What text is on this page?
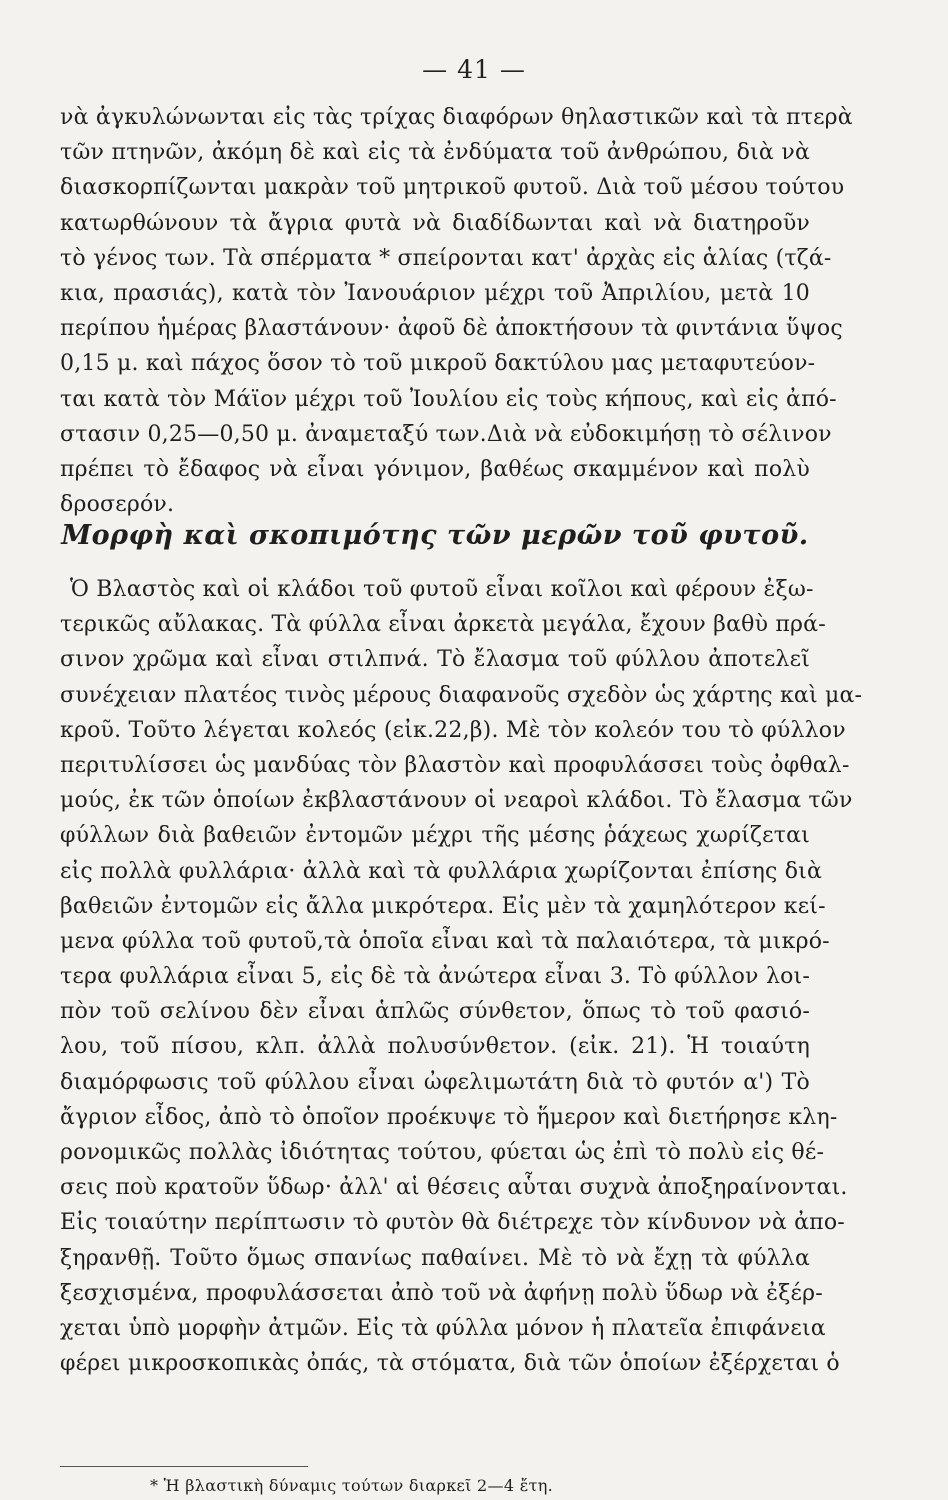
— 41 —
νὰ ἀγκυλώνωνται εἰς τὰς τρίχας διαφόρων θηλαστικῶν καὶ τὰ πτερὰ
τῶν πτηνῶν, ἀκόμη δὲ καὶ εἰς τὰ ἐνδύματα τοῦ ἀνθρώπου, διὰ νὰ
διασκορπίζωνται μακρὰν τοῦ μητρικοῦ φυτοῦ. Διὰ τοῦ μέσου τούτου
κατωρθώνουν τὰ ἄγρια φυτὰ νὰ διαδίδωνται καὶ νὰ διατηροῦν
τὸ γένος των. Τὰ σπέρματα * σπείρονται κατ' ἀρχὰς εἰς ἁλίας (τζά-
κια, πρασιάς), κατὰ τὸν Ἰανουάριον μέχρι τοῦ Ἀπριλίου, μετὰ 10
περίπου ἡμέρας βλαστάνουν· ἀφοῦ δὲ ἀποκτήσουν τὰ φιντάνια ὕψος
0,15 μ. καὶ πάχος ὅσον τὸ τοῦ μικροῦ δακτύλου μας μεταφυτεύον-
ται κατὰ τὸν Μάϊον μέχρι τοῦ Ἰουλίου εἰς τοὺς κήπους, καὶ εἰς ἀπό-
στασιν 0,25—0,50 μ. ἀναμεταξύ των.Διὰ νὰ εὐδοκιμήσῃ τὸ σέλινον
πρέπει τὸ ἔδαφος νὰ εἶναι γόνιμον, βαθέως σκαμμένον καὶ πολὺ
δροσερόν.
Μορφὴ καὶ σκοπιμότης τῶν μερῶν τοῦ φυτοῦ.
Ὁ Βλαστὸς καὶ οἱ κλάδοι τοῦ φυτοῦ εἶναι κοῖλοι καὶ φέρουν ἐξω-
τερικῶς αὔλακας. Τὰ φύλλα εἶναι ἀρκετὰ μεγάλα, ἔχουν βαθὺ πρά-
σινον χρῶμα καὶ εἶναι στιλπνά. Τὸ ἔλασμα τοῦ φύλλου ἀποτελεῖ
συνέχειαν πλατέος τινὸς μέρους διαφανοῦς σχεδὸν ὡς χάρτης καὶ μα-
κροῦ. Τοῦτο λέγεται κολεός (εἰκ.22,β). Μὲ τὸν κολεόν του τὸ φύλλον
περιτυλίσσει ὡς μανδύας τὸν βλαστὸν καὶ προφυλάσσει τοὺς ὀφθαλ-
μούς, ἐκ τῶν ὁποίων ἐκβλαστάνουν οἱ νεαροὶ κλάδοι. Τὸ ἔλασμα τῶν
φύλλων διὰ βαθειῶν ἐντομῶν μέχρι τῆς μέσης ῥάχεως χωρίζεται
εἰς πολλὰ φυλλάρια· ἀλλὰ καὶ τὰ φυλλάρια χωρίζονται ἐπίσης διὰ
βαθειῶν ἐντομῶν εἰς ἄλλα μικρότερα. Εἰς μὲν τὰ χαμηλότερον κεί-
μενα φύλλα τοῦ φυτοῦ,τὰ ὁποῖα εἶναι καὶ τὰ παλαιότερα, τὰ μικρό-
τερα φυλλάρια εἶναι 5, εἰς δὲ τὰ ἀνώτερα εἶναι 3. Τὸ φύλλον λοι-
πὸν τοῦ σελίνου δὲν εἶναι ἁπλῶς σύνθετον, ὅπως τὸ τοῦ φασιό-
λου, τοῦ πίσου, κλπ. ἀλλὰ πολυσύνθετον. (εἰκ. 21). Ἡ τοιαύτη
διαμόρφωσις τοῦ φύλλου εἶναι ὠφελιμωτάτη διὰ τὸ φυτόν α') Τὸ
ἄγριον εἶδος, ἀπὸ τὸ ὁποῖον προέκυψε τὸ ἥμερον καὶ διετήρησε κλη-
ρονομικῶς πολλὰς ἰδιότητας τούτου, φύεται ὡς ἐπὶ τὸ πολὺ εἰς θέ-
σεις ποὺ κρατοῦν ὕδωρ· ἀλλ' αἱ θέσεις αὗται συχνὰ ἀποξηραίνονται.
Εἰς τοιαύτην περίπτωσιν τὸ φυτὸν θὰ διέτρεχε τὸν κίνδυνον νὰ ἀπο-
ξηρανθῇ. Τοῦτο ὅμως σπανίως παθαίνει. Μὲ τὸ νὰ ἔχῃ τὰ φύλλα
ξεσχισμένα, προφυλάσσεται ἀπὸ τοῦ νὰ ἀφήνῃ πολὺ ὕδωρ νὰ ἐξέρ-
χεται ὑπὸ μορφὴν ἀτμῶν. Εἰς τὰ φύλλα μόνον ἡ πλατεῖα ἐπιφάνεια
φέρει μικροσκοπικὰς ὀπάς, τὰ στόματα, διὰ τῶν ὁποίων ἐξέρχεται ὁ
* Ἡ βλαστικὴ δύναμις τούτων διαρκεῖ 2—4 ἔτη.
